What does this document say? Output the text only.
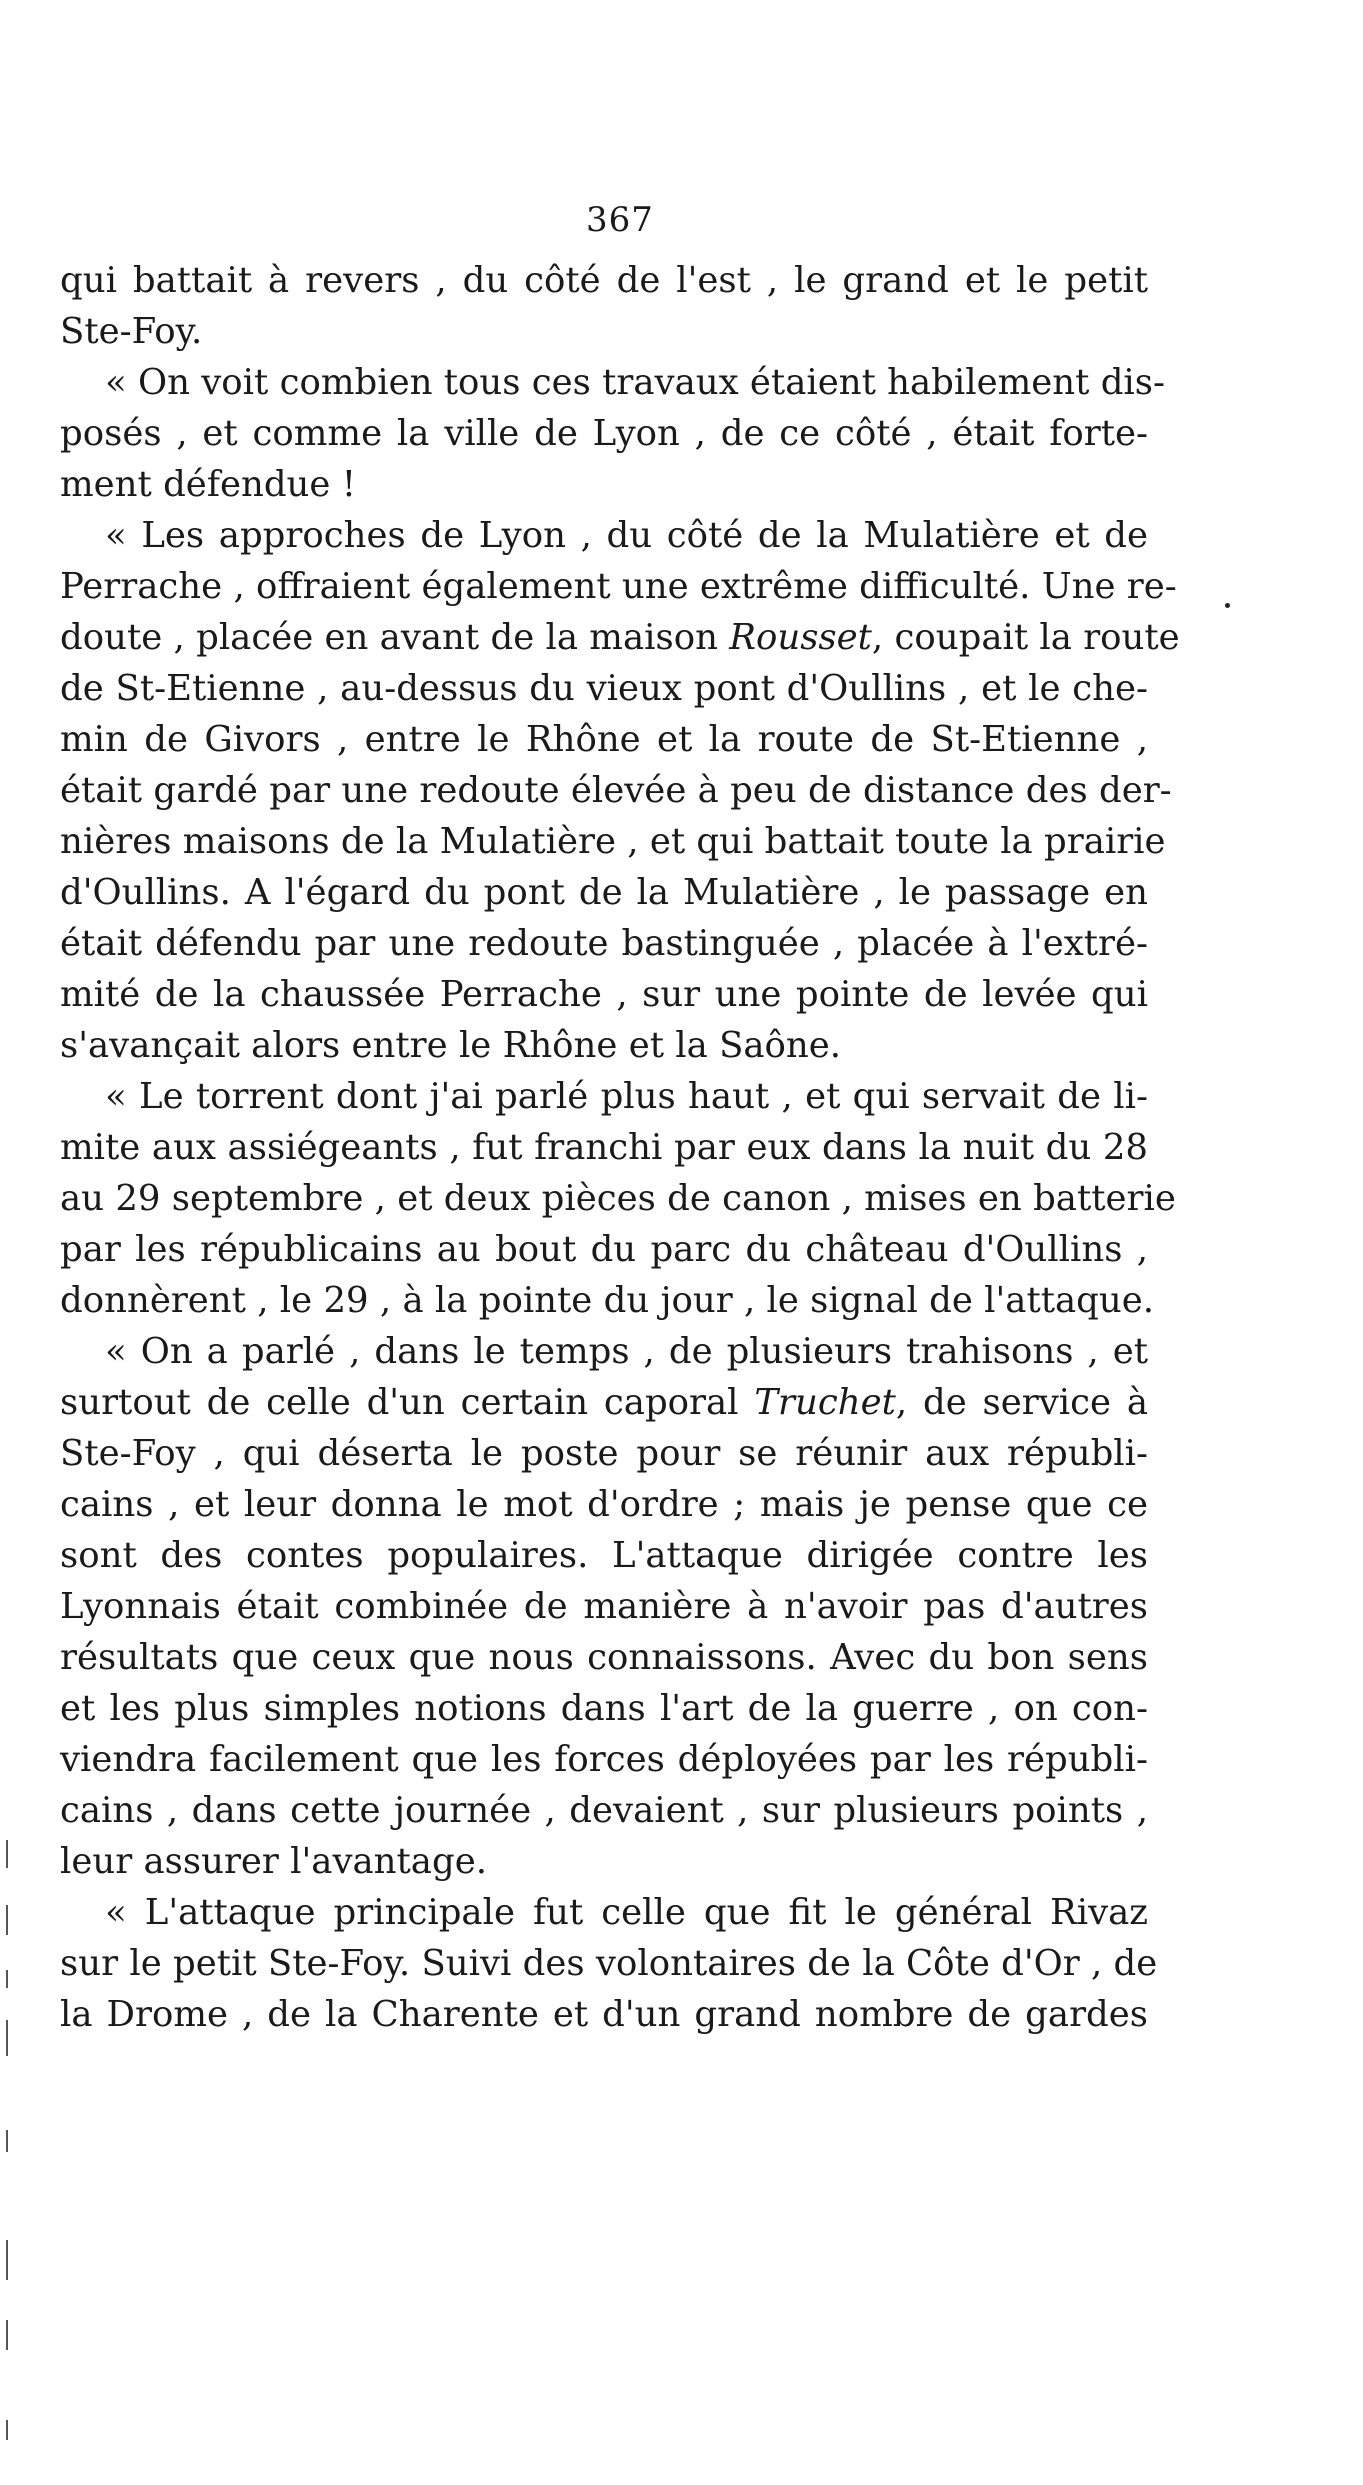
367
qui battait à revers , du côté de l'est , le grand et le petit
Ste-Foy.
« On voit combien tous ces travaux étaient habilement dis-
posés , et comme la ville de Lyon , de ce côté , était forte-
ment défendue !
« Les approches de Lyon , du côté de la Mulatière et de
Perrache , offraient également une extrême difficulté. Une re-
doute , placée en avant de la maison Rousset, coupait la route
de St-Etienne , au-dessus du vieux pont d'Oullins , et le che-
min de Givors , entre le Rhône et la route de St-Etienne ,
était gardé par une redoute élevée à peu de distance des der-
nières maisons de la Mulatière , et qui battait toute la prairie
d'Oullins. A l'égard du pont de la Mulatière , le passage en
était défendu par une redoute bastinguée , placée à l'extré-
mité de la chaussée Perrache , sur une pointe de levée qui
s'avançait alors entre le Rhône et la Saône.
« Le torrent dont j'ai parlé plus haut , et qui servait de li-
mite aux assiégeants , fut franchi par eux dans la nuit du 28
au 29 septembre , et deux pièces de canon , mises en batterie
par les républicains au bout du parc du château d'Oullins ,
donnèrent , le 29 , à la pointe du jour , le signal de l'attaque.
« On a parlé , dans le temps , de plusieurs trahisons , et
surtout de celle d'un certain caporal Truchet, de service à
Ste-Foy , qui déserta le poste pour se réunir aux républi-
cains , et leur donna le mot d'ordre ; mais je pense que ce
sont des contes populaires. L'attaque dirigée contre les
Lyonnais était combinée de manière à n'avoir pas d'autres
résultats que ceux que nous connaissons. Avec du bon sens
et les plus simples notions dans l'art de la guerre , on con-
viendra facilement que les forces déployées par les républi-
cains , dans cette journée , devaient , sur plusieurs points ,
leur assurer l'avantage.
« L'attaque principale fut celle que fit le général Rivaz
sur le petit Ste-Foy. Suivi des volontaires de la Côte d'Or , de
la Drome , de la Charente et d'un grand nombre de gardes
